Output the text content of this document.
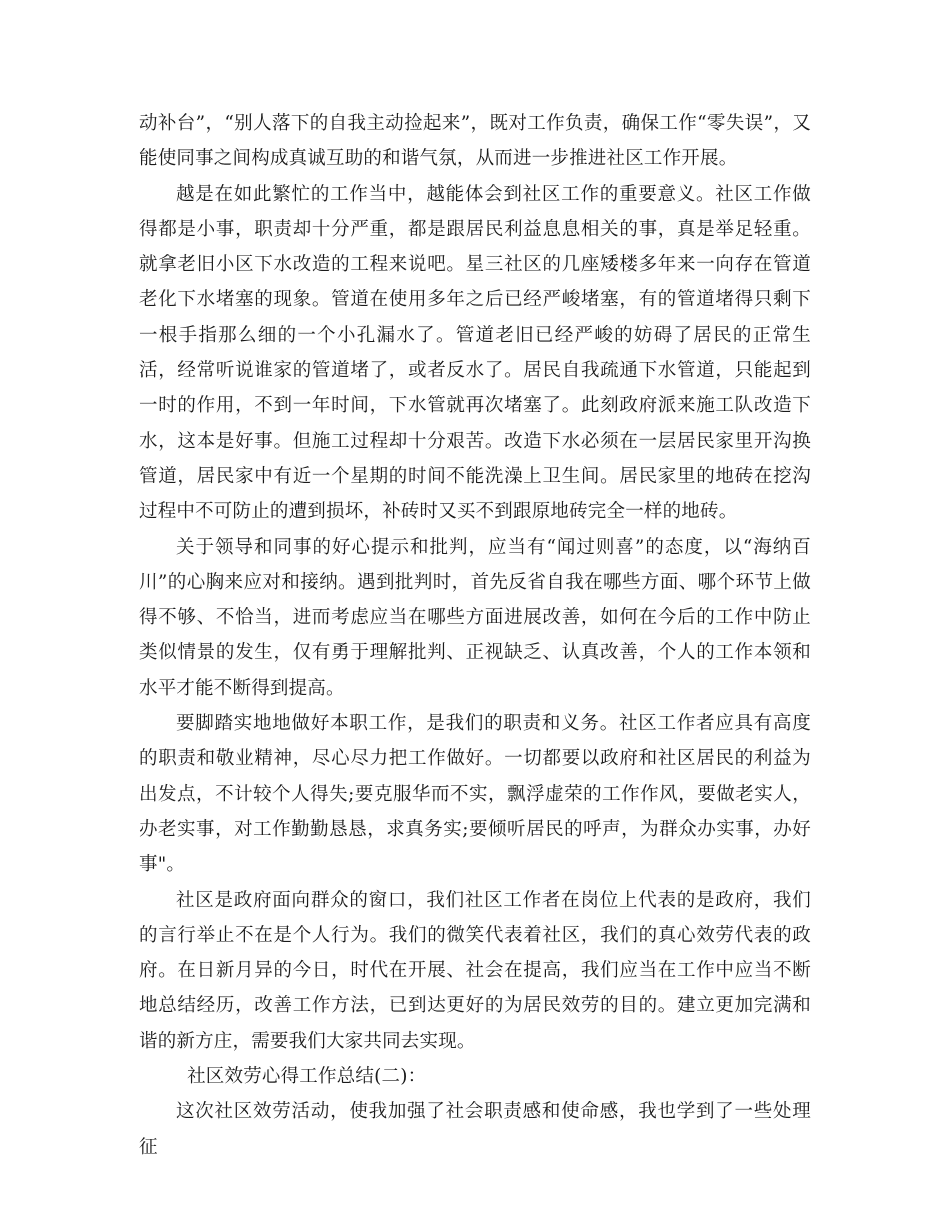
动补台”，“别人落下的自我主动捡起来”，既对工作负责，确保工作“零失误”，又能使同事之间构成真诚互助的和谐气氛，从而进一步推进社区工作开展。

越是在如此繁忙的工作当中，越能体会到社区工作的重要意义。社区工作做得都是小事，职责却十分严重，都是跟居民利益息息相关的事，真是举足轻重。就拿老旧小区下水改造的工程来说吧。星三社区的几座矮楼多年来一向存在管道老化下水堵塞的现象。管道在使用多年之后已经严峻堵塞，有的管道堵得只剩下一根手指那么细的一个小孔漏水了。管道老旧已经严峻的妨碍了居民的正常生活，经常听说谁家的管道堵了，或者反水了。居民自我疏通下水管道，只能起到一时的作用，不到一年时间，下水管就再次堵塞了。此刻政府派来施工队改造下水，这本是好事。但施工过程却十分艰苦。改造下水必须在一层居民家里开沟换管道，居民家中有近一个星期的时间不能洗澡上卫生间。居民家里的地砖在挖沟过程中不可防止的遭到损坏，补砖时又买不到跟原地砖完全一样的地砖。

关于领导和同事的好心提示和批判，应当有“闻过则喜”的态度，以“海纳百川”的心胸来应对和接纳。遇到批判时，首先反省自我在哪些方面、哪个环节上做得不够、不恰当，进而考虑应当在哪些方面进展改善，如何在今后的工作中防止类似情景的发生，仅有勇于理解批判、正视缺乏、认真改善，个人的工作本领和水平才能不断得到提高。

要脚踏实地地做好本职工作，是我们的职责和义务。社区工作者应具有高度的职责和敬业精神，尽心尽力把工作做好。一切都要以政府和社区居民的利益为出发点，不计较个人得失;要克服华而不实，飘浮虚荣的工作作风，要做老实人，办老实事，对工作勤勤恳恳，求真务实;要倾听居民的呼声，为群众办实事，办好事"。

社区是政府面向群众的窗口，我们社区工作者在岗位上代表的是政府，我们的言行举止不在是个人行为。我们的微笑代表着社区，我们的真心效劳代表的政府。在日新月异的今日，时代在开展、社会在提高，我们应当在工作中应当不断地总结经历，改善工作方法，已到达更好的为居民效劳的目的。建立更加完满和谐的新方庄，需要我们大家共同去实现。

社区效劳心得工作总结(二)：

这次社区效劳活动，使我加强了社会职责感和使命感，我也学到了一些处理征
